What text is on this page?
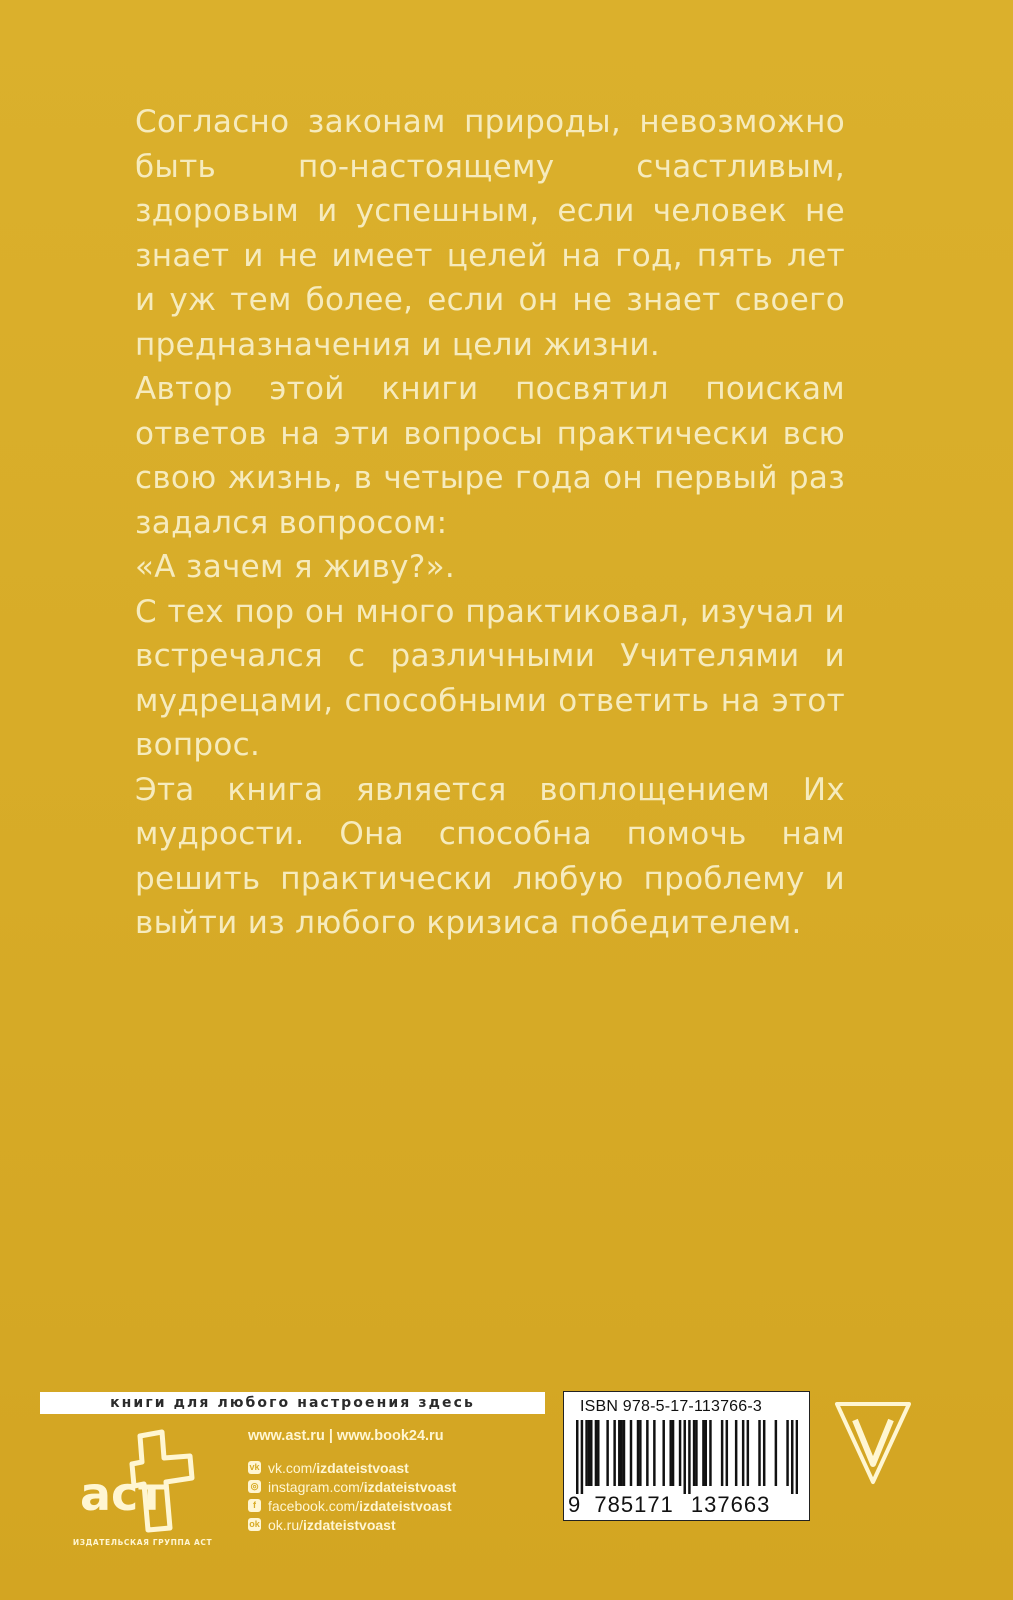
Согласно законам природы, невозможно быть по-настоящему счастливым, здоровым и успешным, если человек не знает и не имеет целей на год, пять лет и уж тем более, если он не знает своего предназначения и цели жизни.

Автор этой книги посвятил поискам ответов на эти вопросы практически всю свою жизнь, в четыре года он первый раз задался вопросом:

«А зачем я живу?».

С тех пор он много практиковал, изучал и встречался с различными Учителями и мудрецами, способными ответить на этот вопрос.

Эта книга является воплощением Их мудрости. Она способна помочь нам решить практически любую проблему и выйти из любого кризиса победителем.

книги для любого настроения здесь
аст
ИЗДАТЕЛЬСКАЯ ГРУППА АСТ
www.ast.ru | www.book24.ru
vk vk.com/ izdateistvoast
◎ instagram.com/ izdateistvoast
f facebook.com/ izdateistvoast
ok ok.ru/ izdateistvoast
ISBN 978-5-17-113766-3
9 785171 137663
